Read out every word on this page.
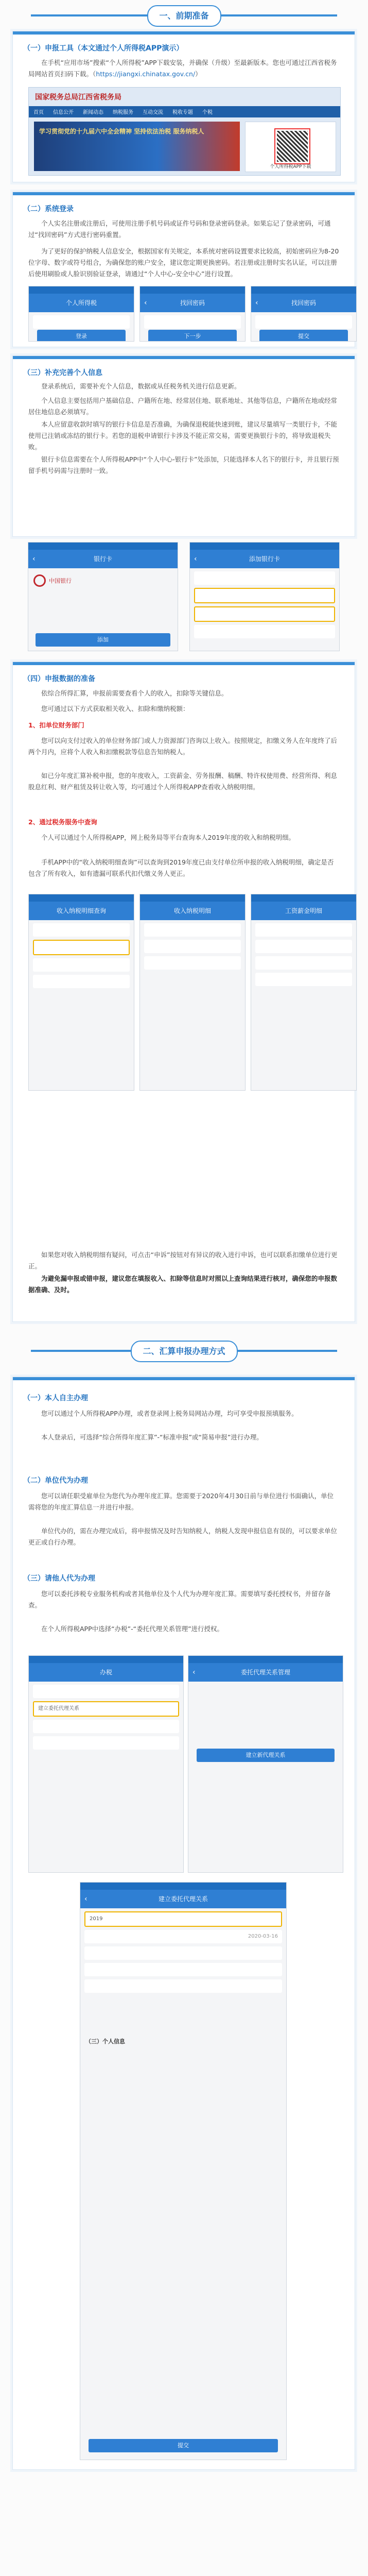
一、前期准备
（一）申报工具（本文通过个人所得税APP演示）
在手机“应用市场”搜索“个人所得税”APP下载安装，并确保（升级）至最新版本。您也可通过江西省税务局网站首页扫码下载。（https://jiangxi.chinatax.gov.cn/）
国家税务总局江西省税务局
首页 信息公开 新闻动态 纳税服务 互动交流 税收专题 个税
学习贯彻党的十九届六中全会精神 坚持依法治税 服务纳税人
个人所得税APP下载
（二）系统登录
个人实名注册或注册后，可使用注册手机号码或证件号码和登录密码登录。如果忘记了登录密码，可通过“找回密码”方式进行密码重置。
为了更好的保护纳税人信息安全，根据国家有关规定，本系统对密码设置要求比较高，初始密码应为8-20位字母、数字或符号组合，为确保您的账户安全，建议您定期更换密码。若注册或注册时实名认证，可以注册后使用刷脸或人脸识别验证登录，请通过“个人中心-安全中心”进行设置。
个人所得税
登录
‹	找回密码
下一步
‹	找回密码
提交
（三）补充完善个人信息
登录系统后，需要补充个人信息，数据或从任税务机关进行信息更新。
个人信息主要包括用户基础信息、户籍所在地、经常居住地、联系地址、其他等信息，户籍所在地或经常居住地信息必须填写。
本人应留意收款时填写的银行卡信息是否准确，为确保退税能快速到账，建议尽量填写一类银行卡，不能使用已注销或冻结的银行卡。若您的退税申请银行卡涉及不能正常交易，需要更换银行卡的，将导致退税失败。
银行卡信息需要在个人所得税APP中“个人中心-银行卡”处添加，只能选择本人名下的银行卡，并且银行预留手机号码需与注册时一致。
‹	银行卡
中国银行
添加
‹	添加银行卡
（四）申报数据的准备
依综合所得汇算，申报前需要查看个人的收入，扣除等关键信息。
您可通过以下方式获取相关收入、扣除和缴纳税额：
1、扣单位财务部门
您可以向支付过收入的单位财务部门或人力资源部门咨询以上收入。按照规定，扣缴义务人在年度终了后两个月内，应将个人收入和扣缴税款等信息告知纳税人。
如已分年度汇算补税申报，您的年度收入，工资薪金、劳务报酬、稿酬、特许权使用费、经营所得、利息股息红利、财产租赁及转让收入等，均可通过个人所得税APP查看收入纳税明细。
2、通过税务服务中查询
个人可以通过个人所得税APP，网上税务局等平台查询本人2019年度的收入和纳税明细。
手机APP中的“收入纳税明细查询”可以查询到2019年度已由支付单位所申报的收入纳税明细，确定是否包含了所有收入，如有遗漏可联系代扣代缴义务人更正。
收入纳税明细查询	收入纳税明细	工资薪金明细
如果您对收入纳税明细有疑问，可点击“申诉”按钮对有异议的收入进行申诉，也可以联系扣缴单位进行更正。
为避免漏申报或错申报，建议您在填报收入、扣除等信息时对照以上查询结果进行核对，确保您的申报数据准确、及时。
二、汇算申报办理方式
（一）本人自主办理
您可以通过个人所得税APP办理，或者登录网上税务局网站办理，均可享受申报预填服务。
本人登录后，可选择“综合所得年度汇算”-“标准申报”或“简易申报”进行办理。
（二）单位代为办理
您可以请任职受雇单位为您代为办理年度汇算。您需要于2020年4月30日前与单位进行书面确认，单位需将您的年度汇算信息一并进行申报。
单位代办的，需在办理完成后，将申报情况及时告知纳税人，纳税人发现申报信息有误的，可以要求单位更正或自行办理。
（三）请他人代为办理
您可以委托涉税专业服务机构或者其他单位及个人代为办理年度汇算。需要填写委托授权书，并留存备查。
在个人所得税APP中选择“办税”-“委托代理关系管理”进行授权。
办税
建立委托代理关系
‹	委托代理关系管理
建立新代理关系
‹	建立委托代理关系
2019
2020-03-16
（三）个人信息
提交
